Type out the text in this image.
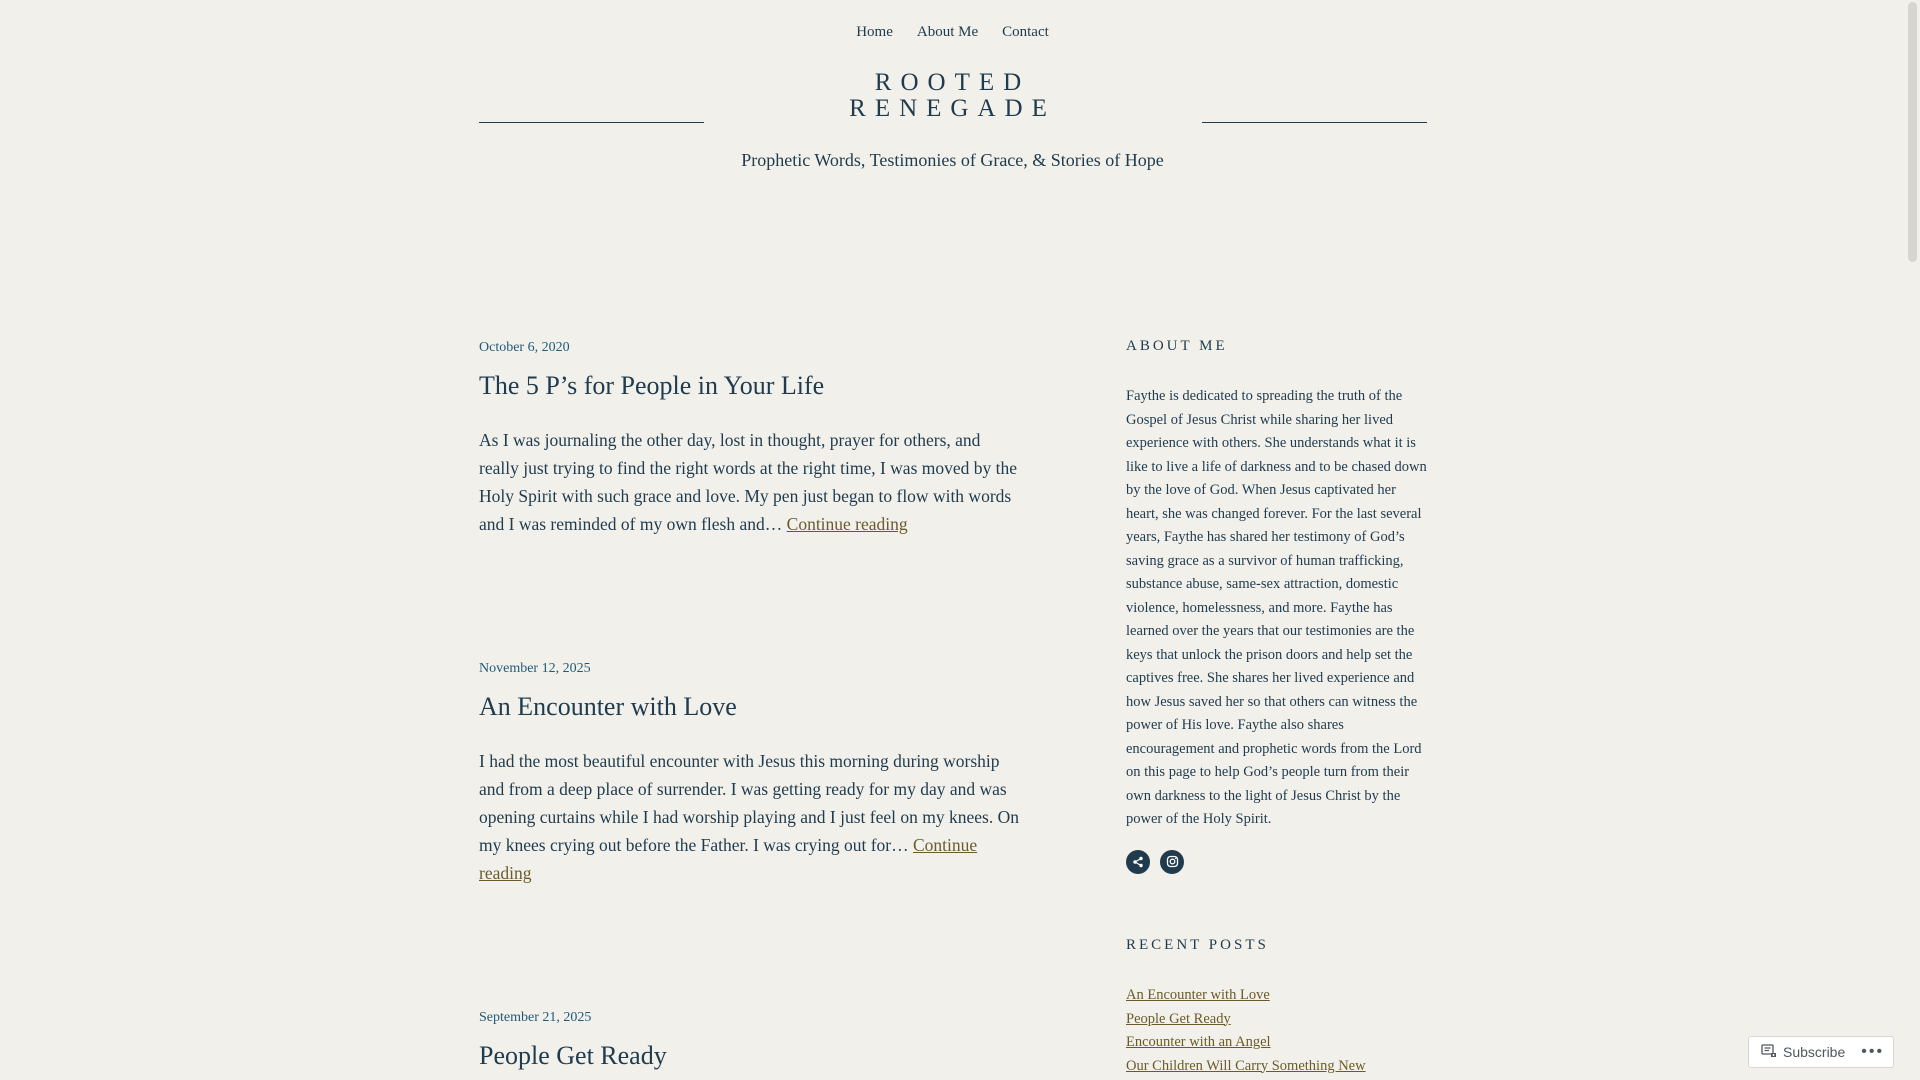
Home About Me Contact
ROOTED
RENEGADE
Prophetic Words, Testimonies of Grace, & Stories of Hope
October 6, 2020
The 5 P’s for People in Your Life

As I was journaling the other day, lost in thought, prayer for others, and really just trying to find the right words at the right time, I was moved by the Holy Spirit with such grace and love. My pen just began to flow with words and I was reminded of my own flesh and… Continue reading

November 12, 2025
An Encounter with Love

I had the most beautiful encounter with Jesus this morning during worship and from a deep place of surrender. I was getting ready for my day and was opening curtains while I had worship playing and I just feel on my knees. On my knees crying out before the Father. I was crying out for… Continue reading

September 21, 2025
People Get Ready
ABOUT ME

Faythe is dedicated to spreading the truth of the Gospel of Jesus Christ while sharing her lived experience with others. She understands what it is like to live a life of darkness and to be chased down by the love of God. When Jesus captivated her heart, she was changed forever. For the last several years, Faythe has shared her testimony of God’s saving grace as a survivor of human trafficking, substance abuse, same-sex attraction, domestic violence, homelessness, and more. Faythe has learned over the years that our testimonies are the keys that unlock the prison doors and help set the captives free. She shares her lived experience and how Jesus saved her so that others can witness the power of His love. Faythe also shares encouragement and prophetic words from the Lord on this page to help God’s people turn from their own darkness to the light of Jesus Christ by the power of the Holy Spirit.

RECENT POSTS
An Encounter with Love
People Get Ready
Encounter with an Angel
Our Children Will Carry Something New
Subscribe •••
